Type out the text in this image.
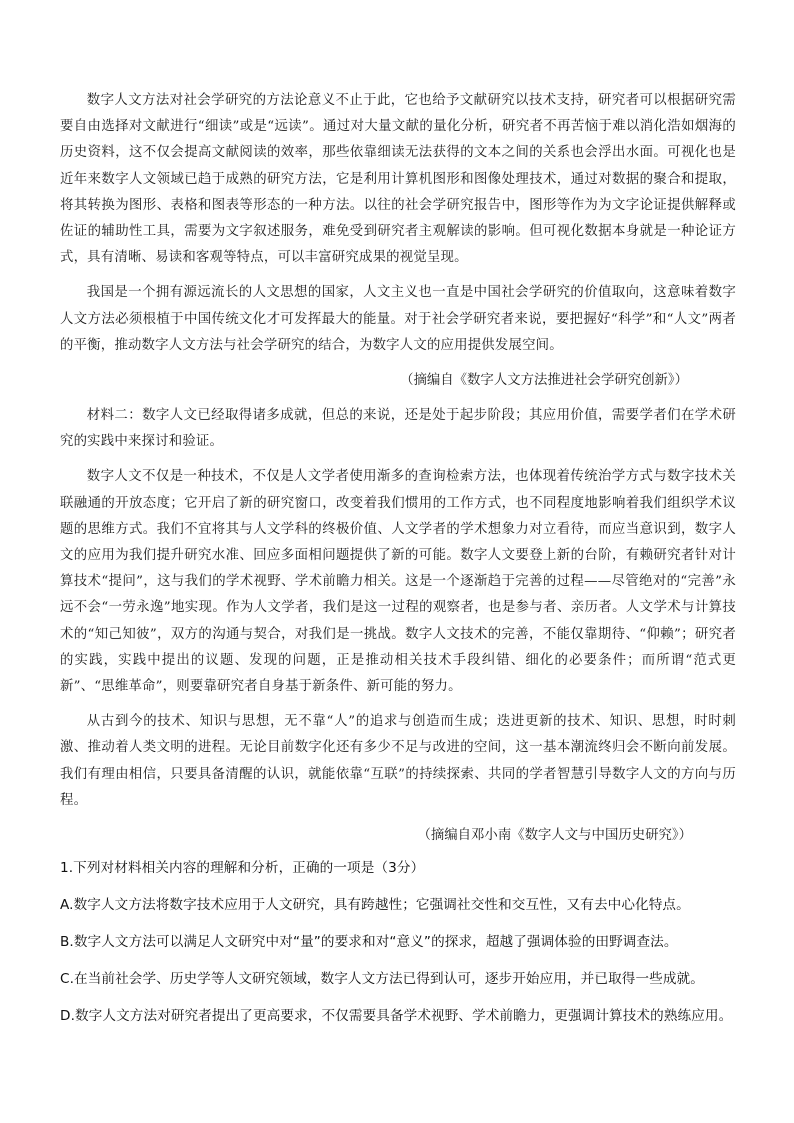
数字人文方法对社会学研究的方法论意义不止于此，它也给予文献研究以技术支持，研究者可以根据研究需要自由选择对文献进行“细读”或是“远读”。通过对大量文献的量化分析，研究者不再苦恼于难以消化浩如烟海的历史资料，这不仅会提高文献阅读的效率，那些依靠细读无法获得的文本之间的关系也会浮出水面。可视化也是近年来数字人文领域已趋于成熟的研究方法，它是利用计算机图形和图像处理技术，通过对数据的聚合和提取，将其转换为图形、表格和图表等形态的一种方法。以往的社会学研究报告中，图形等作为为文字论证提供解释或佐证的辅助性工具，需要为文字叙述服务，难免受到研究者主观解读的影响。但可视化数据本身就是一种论证方式，具有清晰、易读和客观等特点，可以丰富研究成果的视觉呈现。

我国是一个拥有源远流长的人文思想的国家，人文主义也一直是中国社会学研究的价值取向，这意味着数字人文方法必须根植于中国传统文化才可发挥最大的能量。对于社会学研究者来说，要把握好“科学”和“人文”两者的平衡，推动数字人文方法与社会学研究的结合，为数字人文的应用提供发展空间。

（摘编自《数字人文方法推进社会学研究创新》）

材料二：数字人文已经取得诸多成就，但总的来说，还是处于起步阶段；其应用价值，需要学者们在学术研究的实践中来探讨和验证。

数字人文不仅是一种技术，不仅是人文学者使用渐多的查询检索方法，也体现着传统治学方式与数字技术关联融通的开放态度；它开启了新的研究窗口，改变着我们惯用的工作方式，也不同程度地影响着我们组织学术议题的思维方式。我们不宜将其与人文学科的终极价值、人文学者的学术想象力对立看待，而应当意识到，数字人文的应用为我们提升研究水准、回应多面相问题提供了新的可能。数字人文要登上新的台阶，有赖研究者针对计算技术“提问”，这与我们的学术视野、学术前瞻力相关。这是一个逐渐趋于完善的过程——尽管绝对的“完善”永远不会“一劳永逸”地实现。作为人文学者，我们是这一过程的观察者，也是参与者、亲历者。人文学术与计算技术的“知己知彼”，双方的沟通与契合，对我们是一挑战。数字人文技术的完善，不能仅靠期待、“仰赖”；研究者的实践，实践中提出的议题、发现的问题，正是推动相关技术手段纠错、细化的必要条件；而所谓“范式更新”、“思维革命”，则要靠研究者自身基于新条件、新可能的努力。

从古到今的技术、知识与思想，无不靠“人”的追求与创造而生成；迭进更新的技术、知识、思想，时时刺激、推动着人类文明的进程。无论目前数字化还有多少不足与改进的空间，这一基本潮流终归会不断向前发展。我们有理由相信，只要具备清醒的认识，就能依靠“互联”的持续探索、共同的学者智慧引导数字人文的方向与历程。

（摘编自邓小南《数字人文与中国历史研究》）

1.下列对材料相关内容的理解和分析，正确的一项是（3分）

A.数字人文方法将数字技术应用于人文研究，具有跨越性；它强调社交性和交互性，又有去中心化特点。

B.数字人文方法可以满足人文研究中对“量”的要求和对“意义”的探求，超越了强调体验的田野调查法。

C.在当前社会学、历史学等人文研究领域，数字人文方法已得到认可，逐步开始应用，并已取得一些成就。

D.数字人文方法对研究者提出了更高要求，不仅需要具备学术视野、学术前瞻力，更强调计算技术的熟练应用。
